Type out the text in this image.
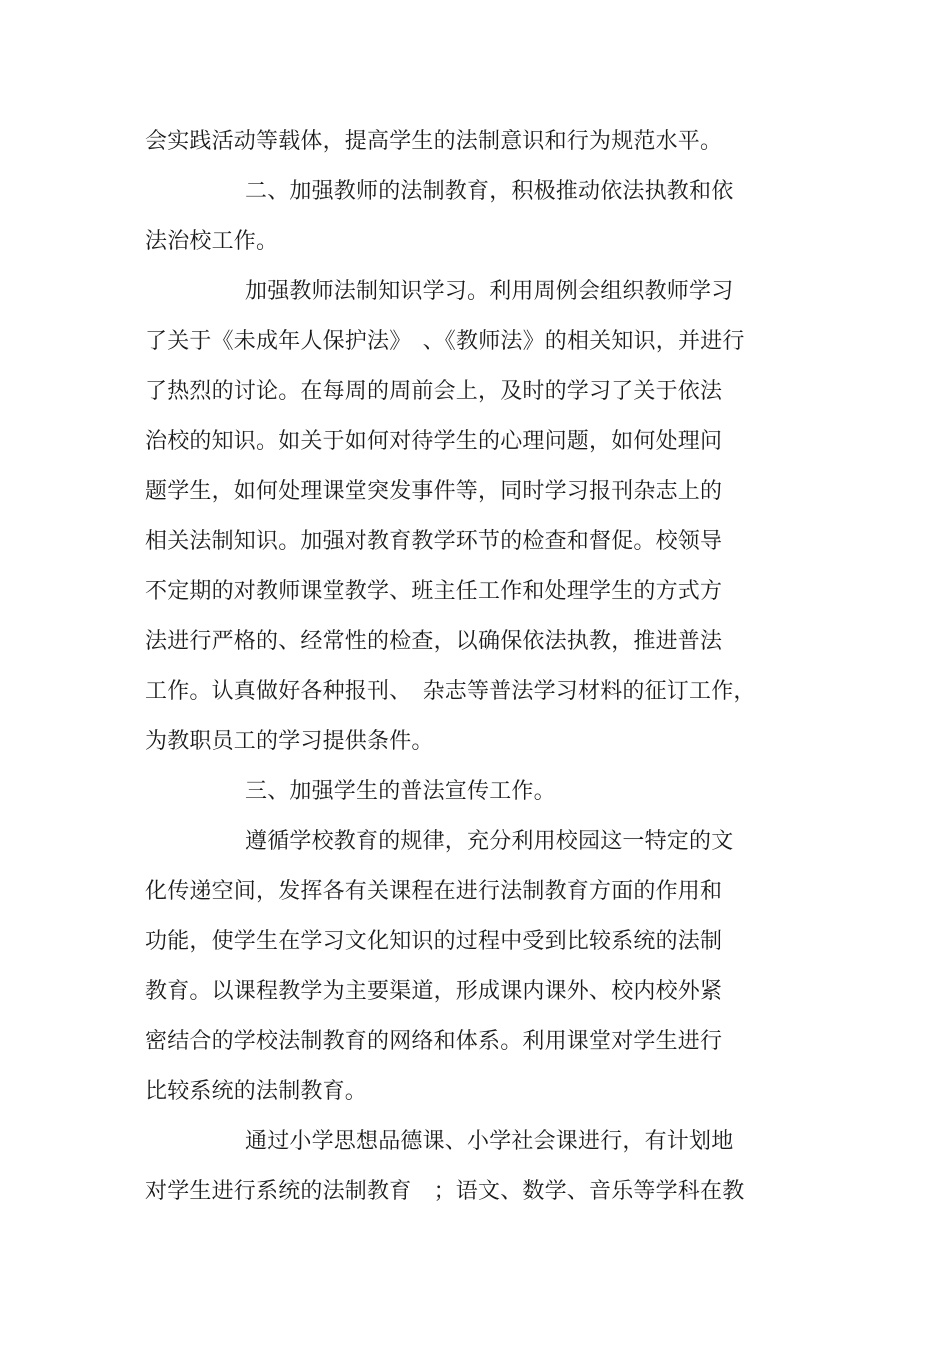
会实践活动等载体，提高学生的法制意识和行为规范水平。
二、加强教师的法制教育，积极推动依法执教和依
法治校工作。
加强教师法制知识学习。利用周例会组织教师学习
了关于《未成年人保护法》　、《教师法》的相关知识，并进行
了热烈的讨论。在每周的周前会上，及时的学习了关于依法
治校的知识。如关于如何对待学生的心理问题，如何处理问
题学生，如何处理课堂突发事件等，同时学习报刊杂志上的
相关法制知识。加强对教育教学环节的检查和督促。校领导
不定期的对教师课堂教学、班主任工作和处理学生的方式方
法进行严格的、经常性的检查，以确保依法执教，推进普法
工作。认真做好各种报刊、　杂志等普法学习材料的征订工作，
为教职员工的学习提供条件。
三、加强学生的普法宣传工作。
遵循学校教育的规律，充分利用校园这一特定的文
化传递空间，发挥各有关课程在进行法制教育方面的作用和
功能，使学生在学习文化知识的过程中受到比较系统的法制
教育。以课程教学为主要渠道，形成课内课外、校内校外紧
密结合的学校法制教育的网络和体系。利用课堂对学生进行
比较系统的法制教育。
通过小学思想品德课、小学社会课进行，有计划地
对学生进行系统的法制教育　；语文、数学、音乐等学科在教
